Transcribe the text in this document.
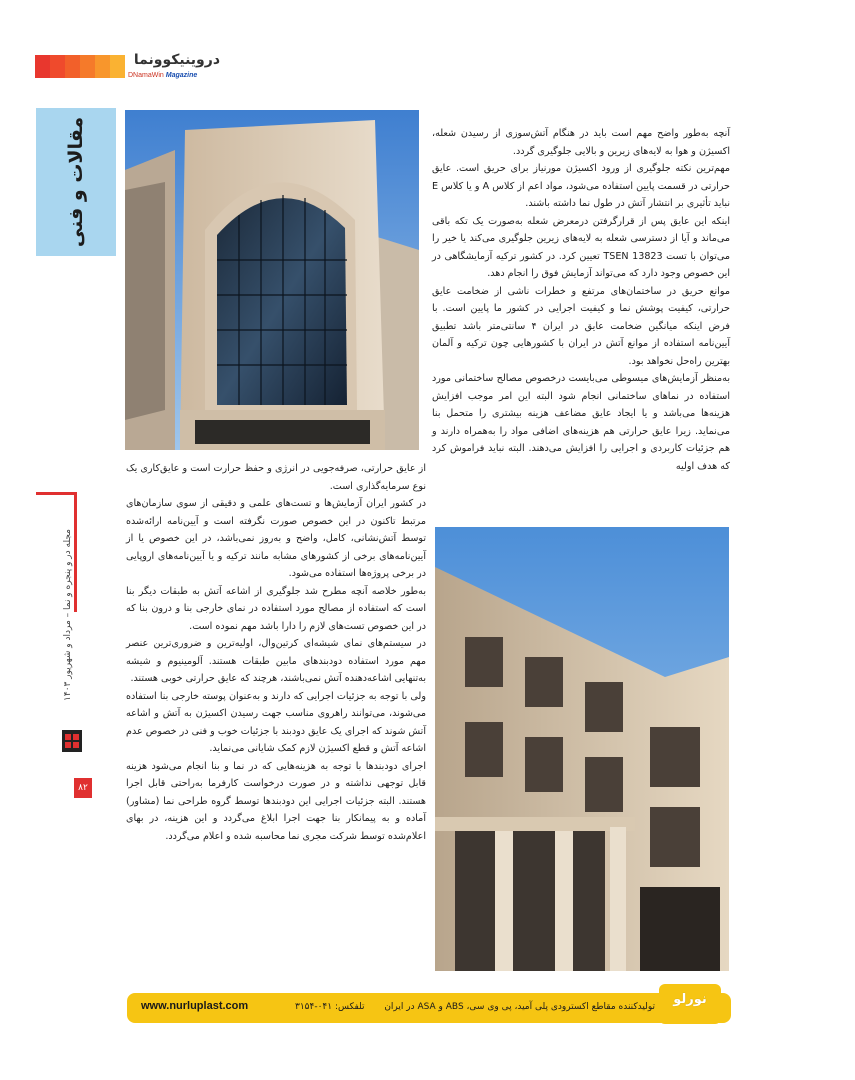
دروینیکوونما
DNamaWin Magazine
مقالات و فنی
مجله در و پنجره و نما – مرداد و شهریور ۱۴۰۳
۸۲

آنچه به‌طور واضح مهم است باید در هنگام آتش‌سوزی از رسیدن شعله، اکسیژن و هوا به لایه‌های زیرین و بالایی جلوگیری گردد.

مهم‌ترین نکته جلوگیری از ورود اکسیژن مورنیاز برای حریق است. عایق حرارتی در قسمت پایین استفاده می‌شود، مواد اعم از کلاس A و یا کلاس E نباید تأثیری بر انتشار آتش در طول نما داشته باشند.

اینکه این عایق پس از قرارگرفتن درمعرض شعله به‌صورت یک تکه باقی می‌ماند و آیا از دسترسی شعله به لایه‌های زیرین جلوگیری می‌کند یا خیر را می‌توان با تست TSEN 13823 تعیین کرد. در کشور ترکیه آزمایشگاهی در این خصوص وجود دارد که می‌تواند آزمایش فوق را انجام دهد.

موانع حریق در ساختمان‌های مرتفع و خطرات ناشی از ضخامت عایق حرارتی، کیفیت پوشش نما و کیفیت اجرایی در کشور ما پایین است. با فرض اینکه میانگین ضخامت عایق در ایران ۴ سانتی‌متر باشد تطبیق آیین‌نامه استفاده از موانع آتش در ایران با کشورهایی چون ترکیه و آلمان بهترین راه‌حل نخواهد بود.

به‌منظر آزمایش‌های میسوطی می‌بایست درخصوص مصالح ساختمانی مورد استفاده در نماهای ساختمانی انجام شود البته این امر موجب افزایش هزینه‌ها می‌باشد و یا ایجاد عایق مضاعف هزینه بیشتری را متحمل بنا می‌نماید. زیرا عایق حرارتی هم هزینه‌های اضافی مواد را به‌همراه دارند و هم جزئیات کاربردی و اجرایی را افزایش می‌دهند. البته نباید فراموش کرد که هدف اولیه

از عایق حرارتی، صرفه‌جویی در انرژی و حفظ حرارت است و عایق‌کاری یک نوع سرمایه‌گذاری است.

در کشور ایران آزمایش‌ها و تست‌های علمی و دقیقی از سوی سازمان‌های مرتبط تاکنون در این خصوص صورت نگرفته است و آیین‌نامه ارائه‌شده توسط آتش‌نشانی، کامل، واضح و به‌روز نمی‌باشد، در این خصوص یا از آیین‌نامه‌های برخی از کشورهای مشابه مانند ترکیه و یا آیین‌نامه‌های اروپایی در برخی پروژه‌ها استفاده می‌شود.

به‌طور خلاصه آنچه مطرح شد جلوگیری از اشاعه آتش به طبقات دیگر بنا است که استفاده از مصالح مورد استفاده در نمای خارجی بنا و درون بنا که در این خصوص تست‌های لازم را دارا باشد مهم نموده است.

در سیستم‌های نمای شیشه‌ای کرتین‌وال، اولیه‌ترین و ضروری‌ترین عنصر مهم مورد استفاده دودبندهای مابین طبقات هستند. آلومینیوم و شیشه به‌تنهایی اشاعه‌دهنده آتش نمی‌باشند، هرچند که عایق حرارتی خوبی هستند.

ولی با توجه به جزئیات اجرایی که دارند و به‌عنوان پوسته خارجی بنا استفاده می‌شوند، می‌توانند راهروی مناسب جهت رسیدن اکسیژن به آتش و اشاعه آتش شوند که اجرای یک عایق دودبند با جزئیات خوب و فنی در خصوص عدم اشاعه آتش و قطع اکسیژن لازم کمک شایانی می‌نماید.

اجرای دودبندها با توجه به هزینه‌هایی که در نما و بنا انجام می‌شود هزینه قابل توجهی نداشته و در صورت درخواست کارفرما به‌راحتی قابل اجرا هستند. البته جزئیات اجرایی این دودبندها توسط گروه طراحی نما (مشاور) آماده و به پیمانکار بنا جهت اجرا ابلاغ می‌گردد و این هزینه، در بهای اعلام‌شده توسط شرکت مجری نما محاسبه شده و اعلام می‌گردد.

www.nurluplast.com	تلفکس: ۰۴۱-۳۱۵۴ تولیدکننده مقاطع اکسترودی پلی آمید، پی وی سی، ABS و ASA در ایران	نورلو
